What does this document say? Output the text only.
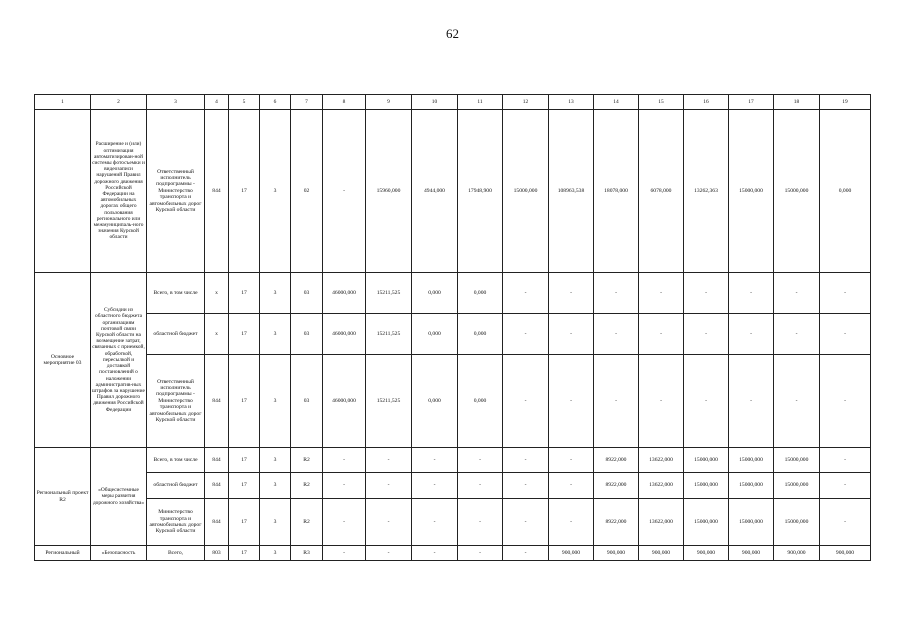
62
1	2	3	4	5	6	7	8	9	10	11	12	13	14	15	16	17	18	19
	Расширение и (или) оптимизация автоматизирован-ной системы фотосъемки и видеозаписи нарушений Правил дорожного движения Российской Федерации на автомобильных дорогах общего пользования регионального или межмуниципаль-ного значения Курской области	Ответственный исполнитель подпрограммы - Министерство транспорта и автомобильных дорог Курской области	844	17	3	02	-	15960,000	4944,000	17948,900	15000,000	108963,538	18078,000	6078,000	13262,363	15000,000	15000,000	0,000
Основное мероприятие 03	Субсидии из областного бюджета организациям почтовой связи Курской области на возмещение затрат, связанных с приемкой, обработкой, пересылкой и доставкой постановлений о наложении административ-ных штрафов за нарушение Правил дорожного движения Российской Федерации	Всего, в том числе	x	17	3	03	46000,000	15211,525	0,000	0,000	-	-	-	-	-	-	-	-
		областной бюджет	x	17	3	03	46000,000	15211,525	0,000	0,000	-	-	-	-	-	-	-	-
		Ответственный исполнитель подпрограммы - Министерство транспорта и автомобильных дорог Курской области	844	17	3	03	46000,000	15211,525	0,000	0,000	-	-	-	-	-	-	-	-
Региональный проект R2	«Общесистемные меры развития дорожного хозяйства»	Всего, в том числе	844	17	3	R2	-	-	-	-	-	-	8922,000	13622,000	15000,000	15000,000	15000,000	-
		областной бюджет	844	17	3	R2	-	-	-	-	-	-	8922,000	13622,000	15000,000	15000,000	15000,000	-
		Министерство транспорта и автомобильных дорог Курской области	844	17	3	R2	-	-	-	-	-	-	8922,000	13622,000	15000,000	15000,000	15000,000	-
Региональный	«Безопасность	Всего,	803	17	3	R3	-	-	-	-	-	900,000	900,000	900,000	900,000	900,000	900,000	900,000
